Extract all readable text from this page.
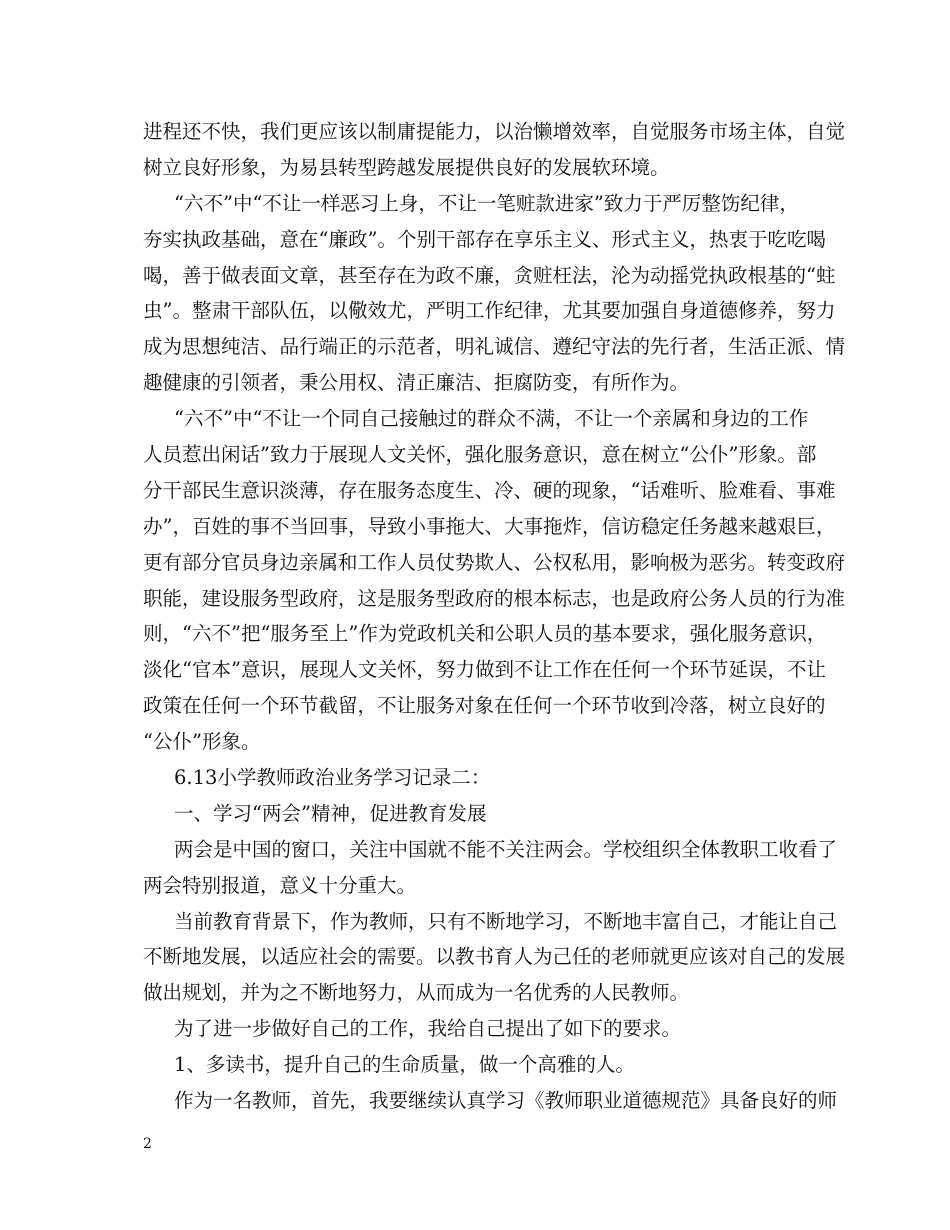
进程还不快，我们更应该以制庸提能力，以治懒增效率，自觉服务市场主体，自觉
树立良好形象，为易县转型跨越发展提供良好的发展软环境。
“六不”中“不让一样恶习上身，不让一笔赃款进家”致力于严厉整饬纪律，
夯实执政基础，意在“廉政”。个别干部存在享乐主义、形式主义，热衷于吃吃喝
喝，善于做表面文章，甚至存在为政不廉，贪赃枉法，沦为动摇党执政根基的“蛀
虫”。整肃干部队伍，以儆效尤，严明工作纪律，尤其要加强自身道德修养，努力
成为思想纯洁、品行端正的示范者，明礼诚信、遵纪守法的先行者，生活正派、情
趣健康的引领者，秉公用权、清正廉洁、拒腐防变，有所作为。
“六不”中“不让一个同自己接触过的群众不满，不让一个亲属和身边的工作
人员惹出闲话”致力于展现人文关怀，强化服务意识，意在树立“公仆”形象。部
分干部民生意识淡薄，存在服务态度生、冷、硬的现象，“话难听、脸难看、事难
办”，百姓的事不当回事，导致小事拖大、大事拖炸，信访稳定任务越来越艰巨，
更有部分官员身边亲属和工作人员仗势欺人、公权私用，影响极为恶劣。转变政府
职能，建设服务型政府，这是服务型政府的根本标志，也是政府公务人员的行为准
则，“六不”把“服务至上”作为党政机关和公职人员的基本要求，强化服务意识，
淡化“官本”意识，展现人文关怀，努力做到不让工作在任何一个环节延误，不让
政策在任何一个环节截留，不让服务对象在任何一个环节收到冷落，树立良好的
“公仆”形象。
6.13小学教师政治业务学习记录二：
一、学习“两会”精神，促进教育发展
两会是中国的窗口，关注中国就不能不关注两会。学校组织全体教职工收看了
两会特别报道，意义十分重大。
当前教育背景下，作为教师，只有不断地学习，不断地丰富自己，才能让自己
不断地发展，以适应社会的需要。以教书育人为己任的老师就更应该对自己的发展
做出规划，并为之不断地努力，从而成为一名优秀的人民教师。
为了进一步做好自己的工作，我给自己提出了如下的要求。
1、多读书，提升自己的生命质量，做一个高雅的人。
作为一名教师，首先，我要继续认真学习《教师职业道德规范》具备良好的师
2
